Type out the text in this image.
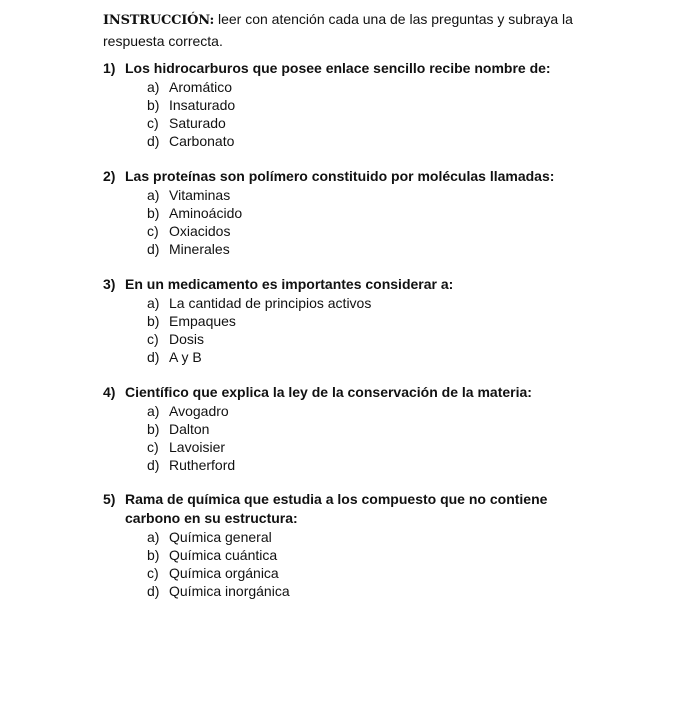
INSTRUCCIÓN: leer con atención cada una de las preguntas y subraya la respuesta correcta.
1) Los hidrocarburos que posee enlace sencillo recibe nombre de:
a) Aromático
b) Insaturado
c) Saturado
d) Carbonato
2) Las proteínas son polímero constituido por moléculas llamadas:
a) Vitaminas
b) Aminoácido
c) Oxiacidos
d) Minerales
3) En un medicamento es importantes considerar a:
a) La cantidad de principios activos
b) Empaques
c) Dosis
d) A y B
4) Científico que explica la ley de la conservación de la materia:
a) Avogadro
b) Dalton
c) Lavoisier
d) Rutherford
5) Rama de química que estudia a los compuesto que no contiene carbono en su estructura:
a) Química general
b) Química cuántica
c) Química orgánica
d) Química inorgánica
